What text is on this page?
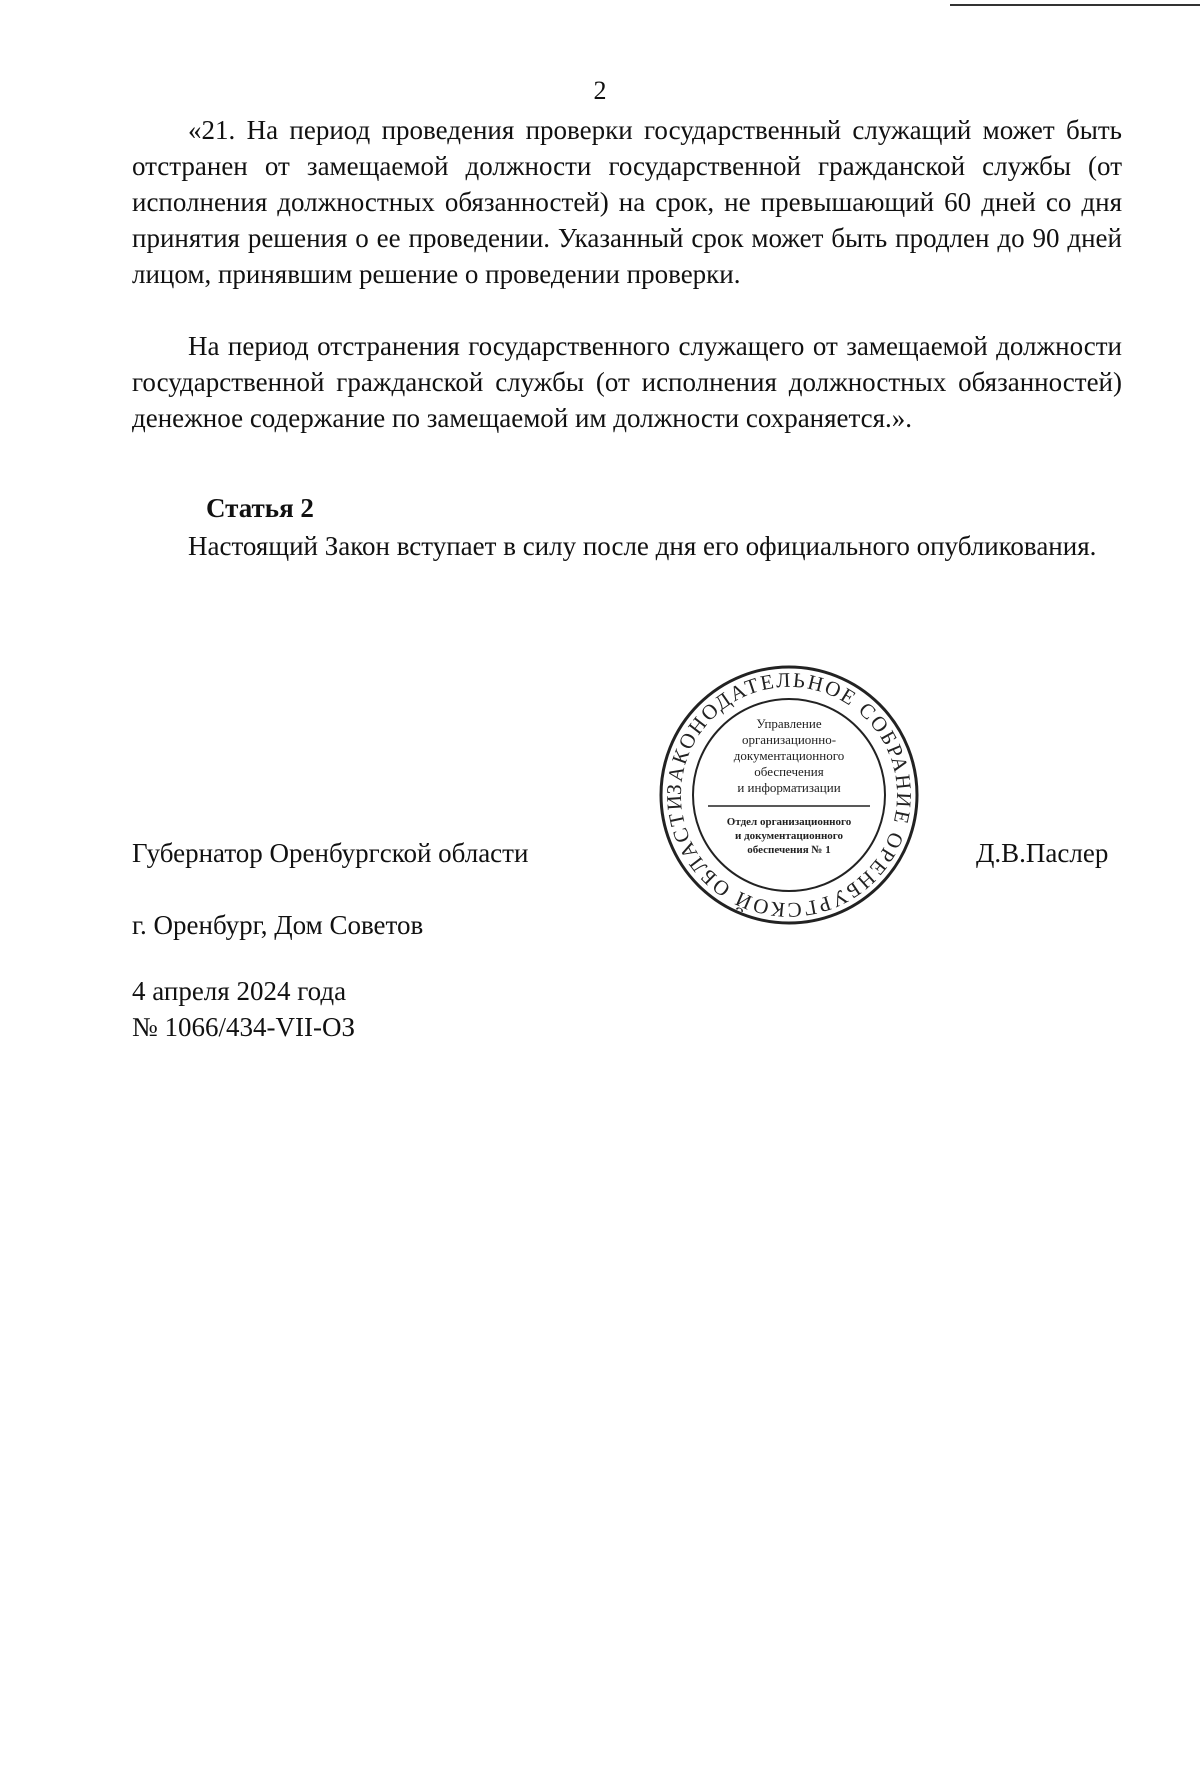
2

«21. На период проведения проверки государственный служащий может быть отстранен от замещаемой должности государственной гражданской службы (от исполнения должностных обязанностей) на срок, не превышающий 60 дней со дня принятия решения о ее проведении. Указанный срок может быть продлен до 90 дней лицом, принявшим решение о проведении проверки.

На период отстранения государственного служащего от замещаемой должности государственной гражданской службы (от исполнения должностных обязанностей) денежное содержание по замещаемой им должности сохраняется.».

Статья 2

Настоящий Закон вступает в силу после дня его официального опубликования.

Губернатор Оренбургской области	Д.В.Паслер
ЗАКОНОДАТЕЛЬНОЕ СОБРАНИЕ ОРЕНБУРГСКОЙ ОБЛАСТИ
Управление
организационно-
документационного
обеспечения
и информатизации
Отдел организационного
и документационного
обеспечения № 1
г. Оренбург, Дом Советов
4 апреля 2024 года
№ 1066/434-VII-ОЗ
